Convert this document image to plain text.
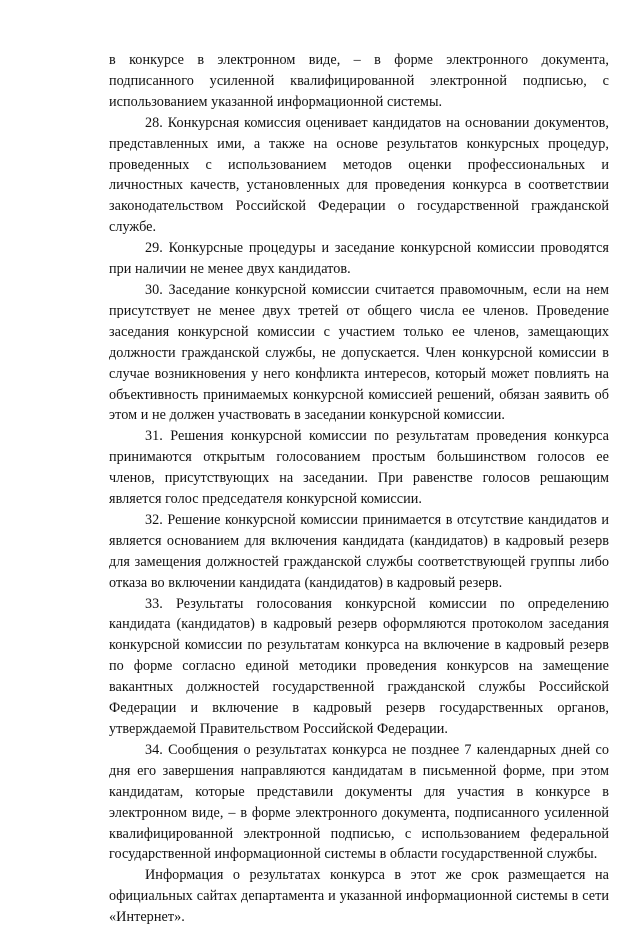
в конкурсе в электронном виде, – в форме электронного документа, подписанного усиленной квалифицированной электронной подписью, с использованием указанной информационной системы.

28. Конкурсная комиссия оценивает кандидатов на основании документов, представленных ими, а также на основе результатов конкурсных процедур, проведенных с использованием методов оценки профессиональных и личностных качеств, установленных для проведения конкурса в соответствии законодательством Российской Федерации о государственной гражданской службе.

29. Конкурсные процедуры и заседание конкурсной комиссии проводятся при наличии не менее двух кандидатов.

30. Заседание конкурсной комиссии считается правомочным, если на нем присутствует не менее двух третей от общего числа ее членов. Проведение заседания конкурсной комиссии с участием только ее членов, замещающих должности гражданской службы, не допускается. Член конкурсной комиссии в случае возникновения у него конфликта интересов, который может повлиять на объективность принимаемых конкурсной комиссией решений, обязан заявить об этом и не должен участвовать в заседании конкурсной комиссии.

31. Решения конкурсной комиссии по результатам проведения конкурса принимаются открытым голосованием простым большинством голосов ее членов, присутствующих на заседании. При равенстве голосов решающим является голос председателя конкурсной комиссии.

32. Решение конкурсной комиссии принимается в отсутствие кандидатов и является основанием для включения кандидата (кандидатов) в кадровый резерв для замещения должностей гражданской службы соответствующей группы либо отказа во включении кандидата (кандидатов) в кадровый резерв.

33. Результаты голосования конкурсной комиссии по определению кандидата (кандидатов) в кадровый резерв оформляются протоколом заседания конкурсной комиссии по результатам конкурса на включение в кадровый резерв по форме согласно единой методики проведения конкурсов на замещение вакантных должностей государственной гражданской службы Российской Федерации и включение в кадровый резерв государственных органов, утверждаемой Правительством Российской Федерации.

34. Сообщения о результатах конкурса не позднее 7 календарных дней со дня его завершения направляются кандидатам в письменной форме, при этом кандидатам, которые представили документы для участия в конкурсе в электронном виде, – в форме электронного документа, подписанного усиленной квалифицированной электронной подписью, с использованием федеральной государственной информационной системы в области государственной службы.

Информация о результатах конкурса в этот же срок размещается на официальных сайтах департамента и указанной информационной системы в сети «Интернет».
